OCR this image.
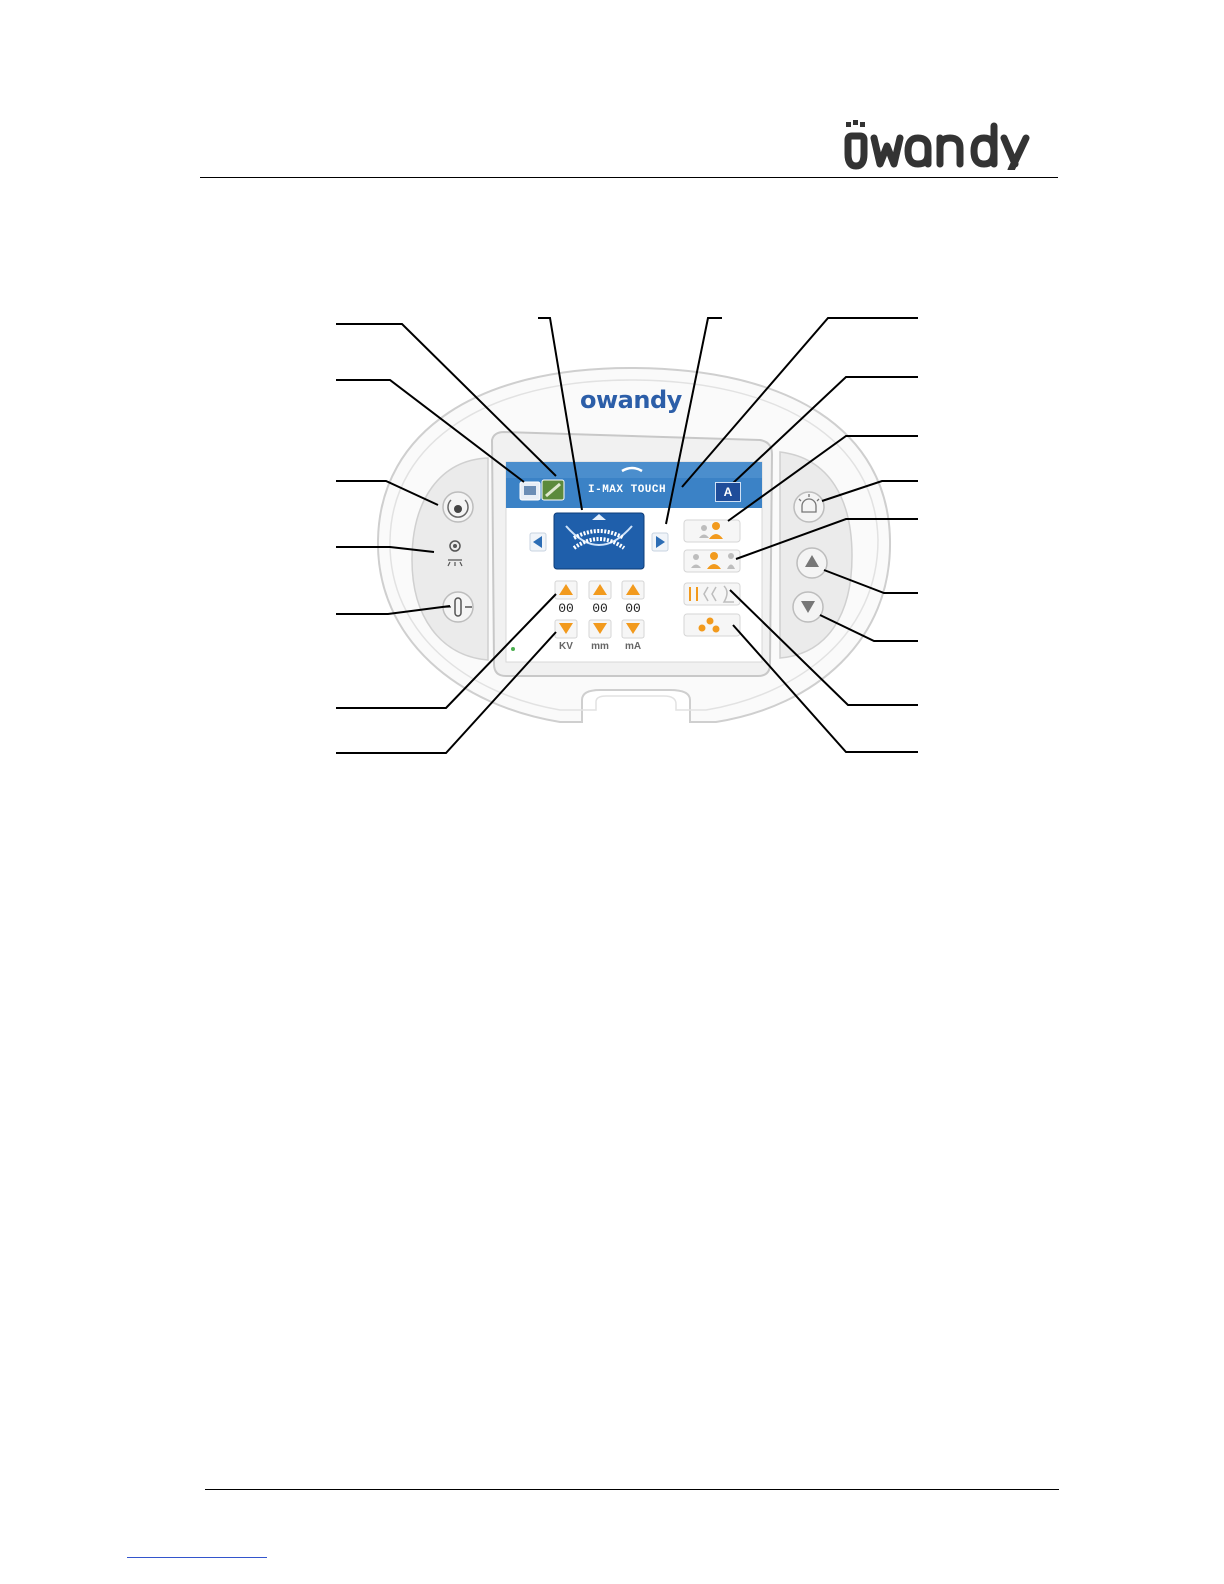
owandy
I-MAX TOUCH	A
00	00	00
KV	mm	mA
